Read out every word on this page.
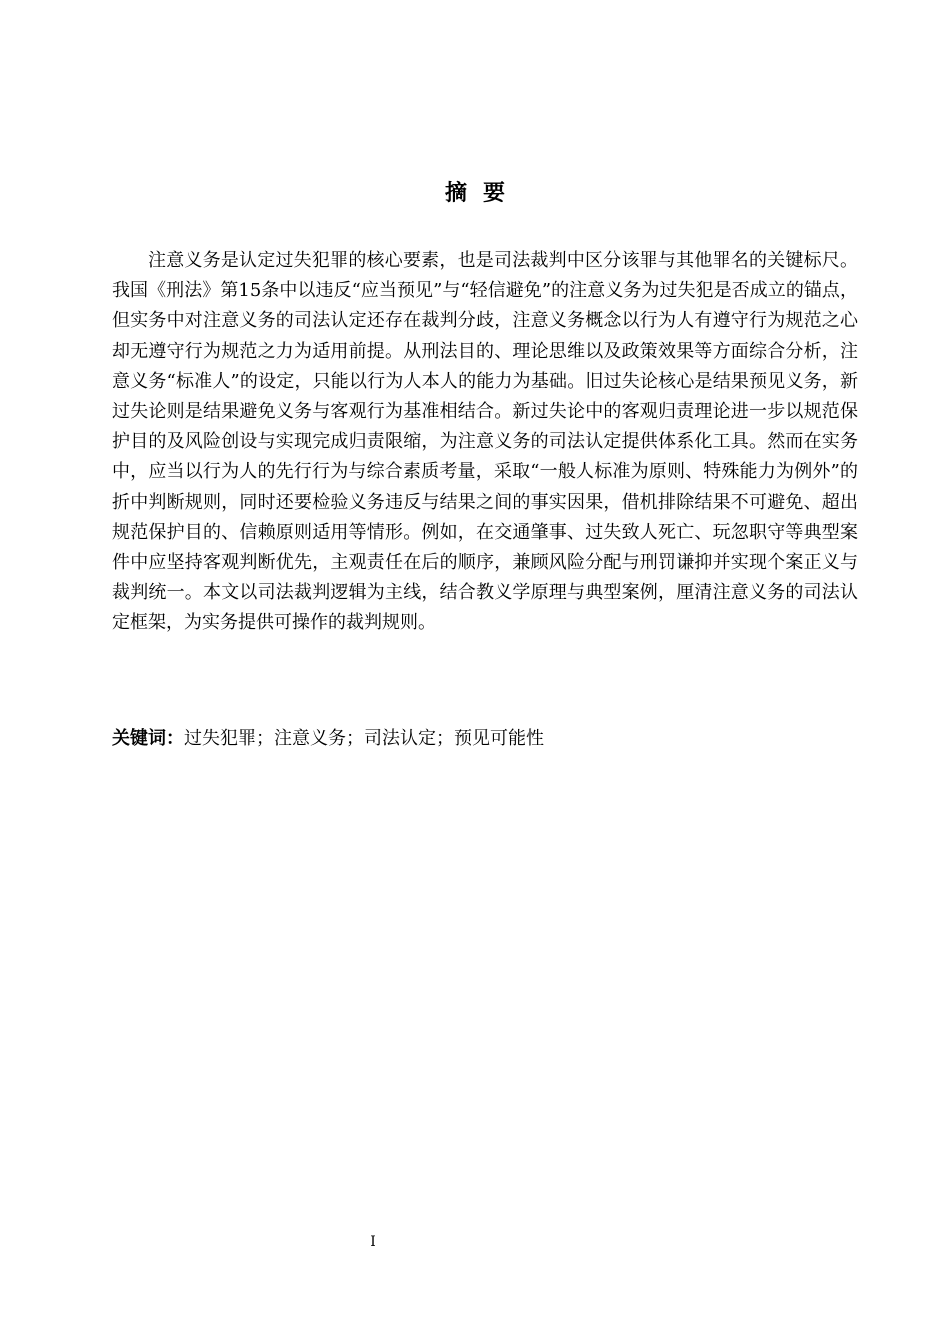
摘要

注意义务是认定过失犯罪的核心要素，也是司法裁判中区分该罪与其他罪名的关键标尺。我国《刑法》第15条中以违反“应当预见”与“轻信避免”的注意义务为过失犯是否成立的锚点，但实务中对注意义务的司法认定还存在裁判分歧，注意义务概念以行为人有遵守行为规范之心却无遵守行为规范之力为适用前提。从刑法目的、理论思维以及政策效果等方面综合分析，注意义务“标准人”的设定，只能以行为人本人的能力为基础。旧过失论核心是结果预见义务，新过失论则是结果避免义务与客观行为基准相结合。新过失论中的客观归责理论进一步以规范保护目的及风险创设与实现完成归责限缩，为注意义务的司法认定提供体系化工具。然而在实务中，应当以行为人的先行行为与综合素质考量，采取“一般人标准为原则、特殊能力为例外”的折中判断规则，同时还要检验义务违反与结果之间的事实因果，借机排除结果不可避免、超出规范保护目的、信赖原则适用等情形。例如，在交通肇事、过失致人死亡、玩忽职守等典型案件中应坚持客观判断优先，主观责任在后的顺序，兼顾风险分配与刑罚谦抑并实现个案正义与裁判统一。本文以司法裁判逻辑为主线，结合教义学原理与典型案例，厘清注意义务的司法认定框架，为实务提供可操作的裁判规则。

关键词：过失犯罪；注意义务；司法认定；预见可能性

I
